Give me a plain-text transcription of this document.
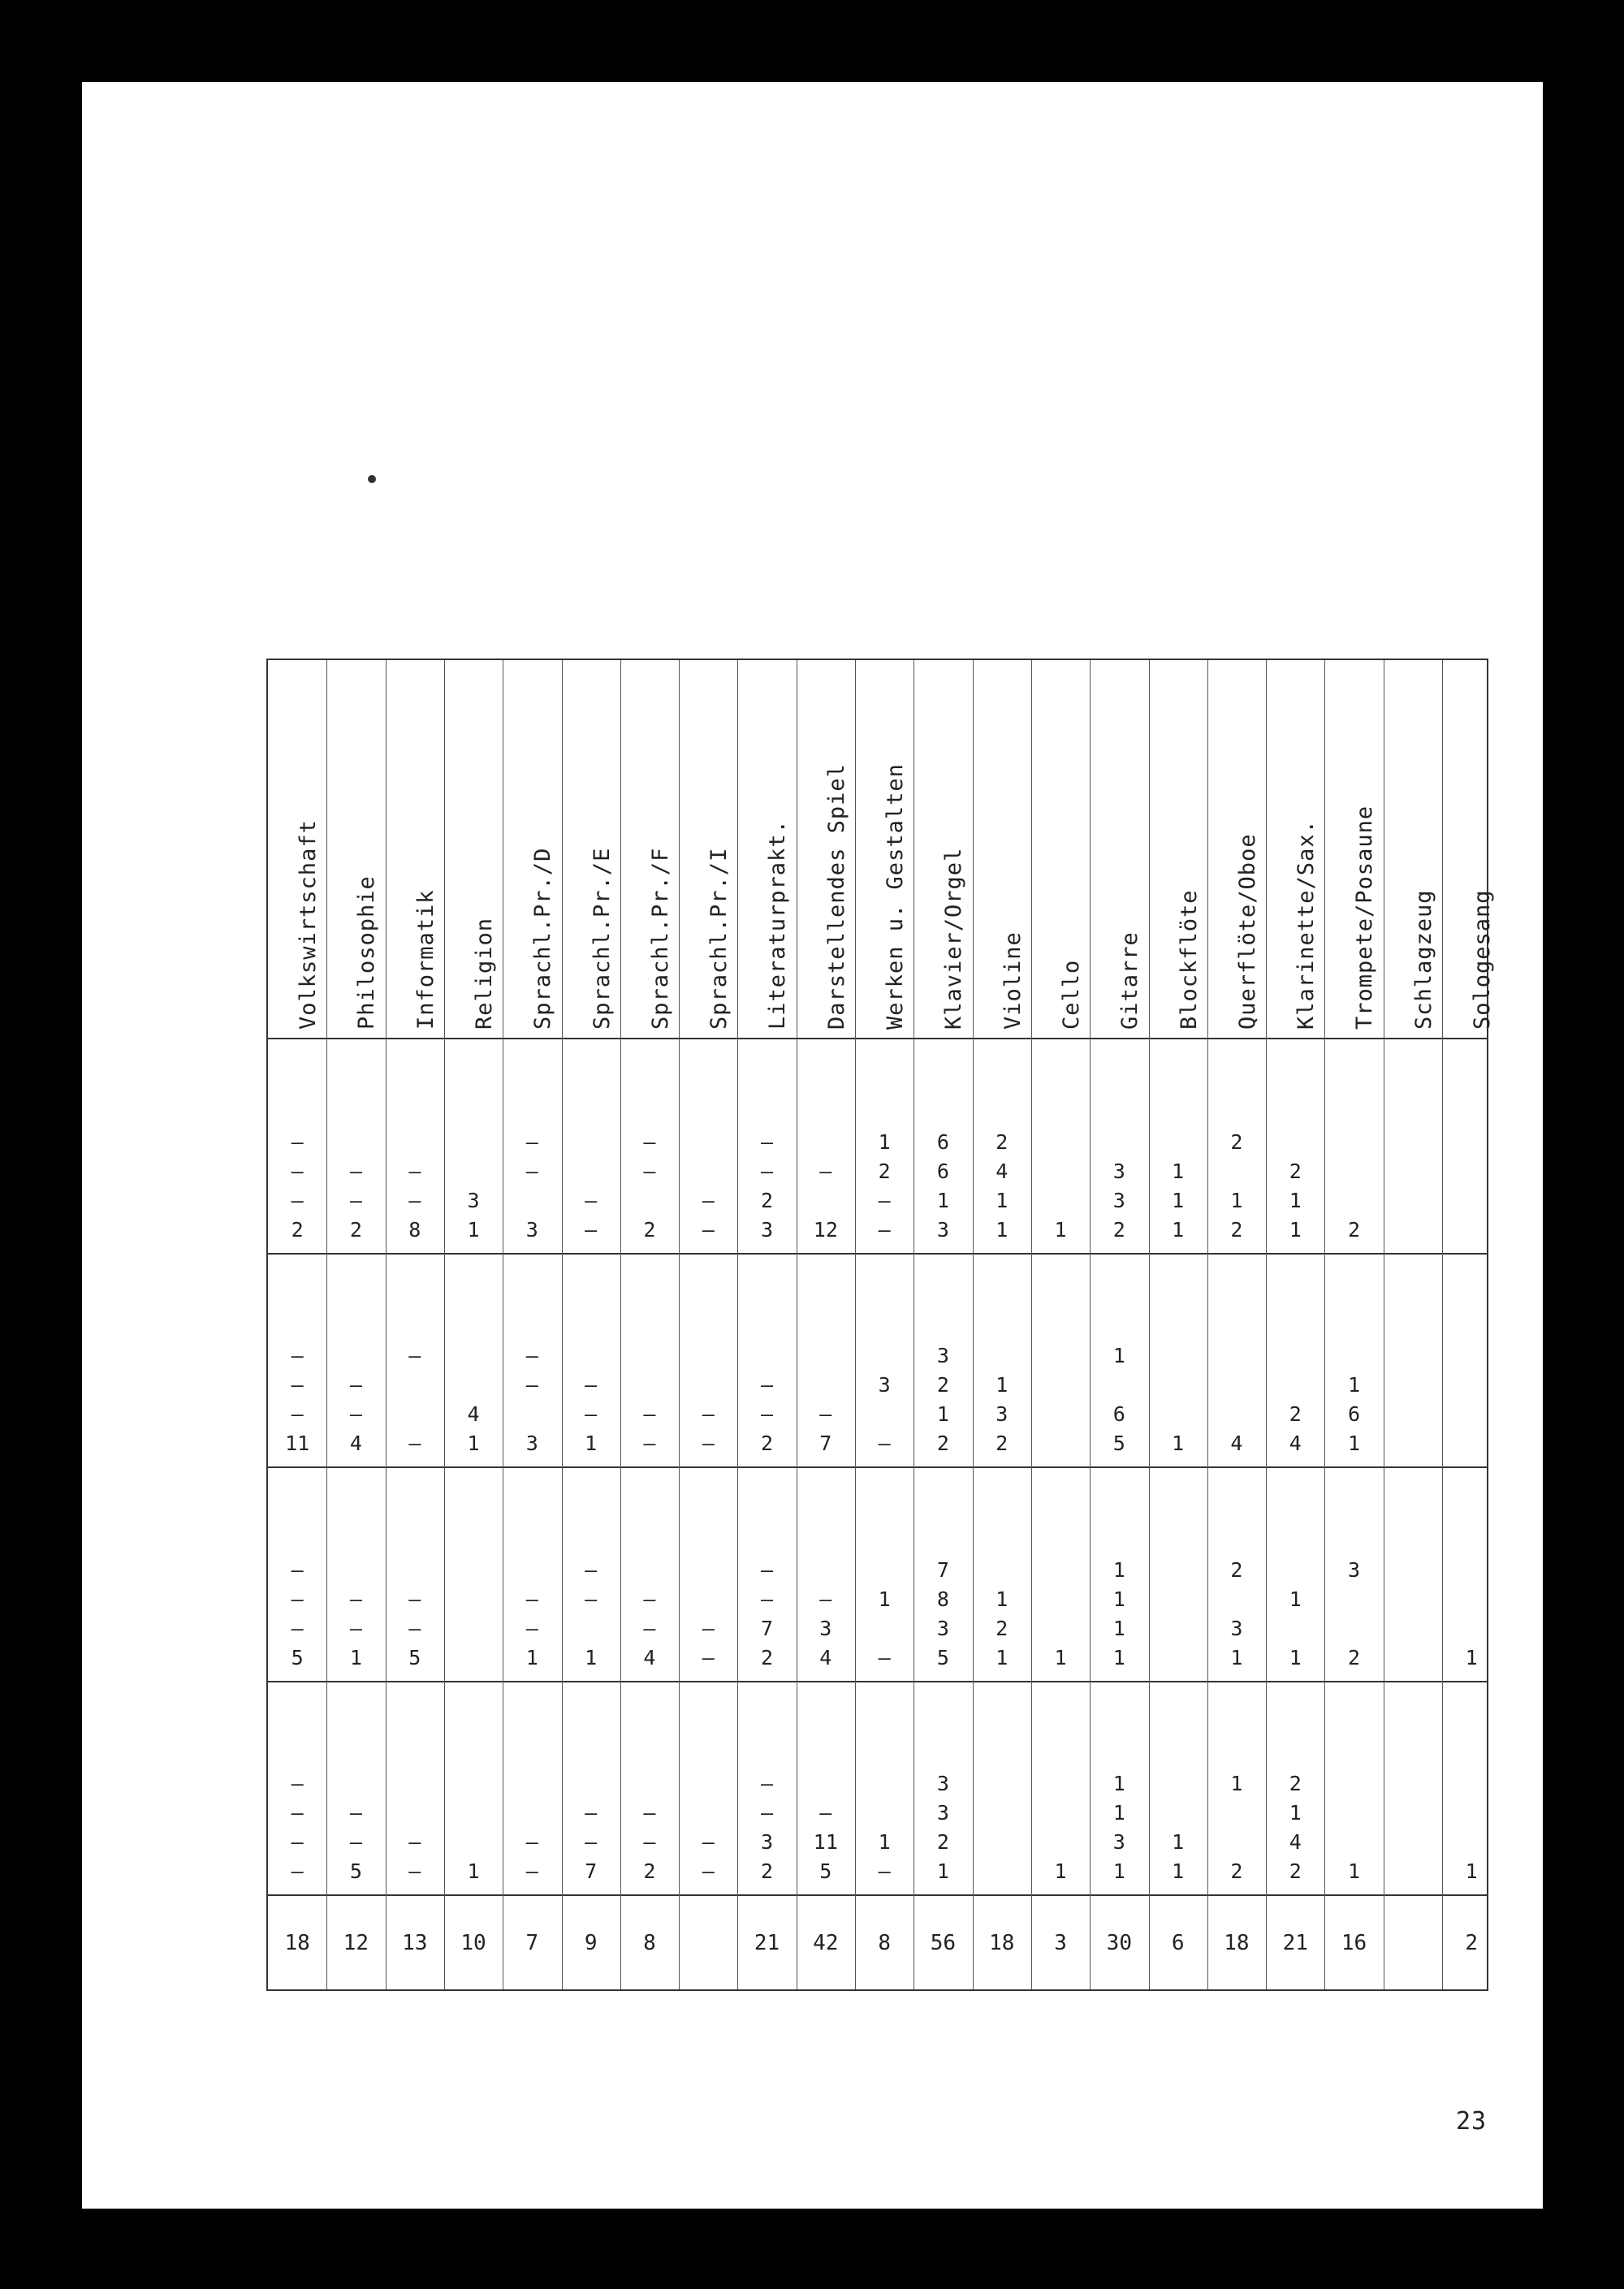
Volkswirtschaft
–
–
–
2
–
–
–
11
–
–
–
5
–
–
–
–
18
Philosophie
–
–
2
–
–
4
–
–
1
–
–
5
12
Informatik
–
–
8
–

–
–
–
5
–
–
13
Religion
3
1
4
1
1
10
Sprachl.Pr./D
–
–

3
–
–

3
–
–
1
–
–
7
Sprachl.Pr./E
–
–
–
–
1
–
–

1
–
–
7
9
Sprachl.Pr./F
–
–

2
–
–
–
–
4
–
–
2
8
Sprachl.Pr./I
–
–
–
–
–
–
–
–
Literaturprakt.
–
–
2
3
–
–
2
–
–
7
2
–
–
3
2
21
Darstellendes Spiel
–

12
–
7
–
3
4
–
11
5
42
Werken u. Gestalten
1
2
–
–
3

–
1

–
1
–
8
Klavier/Orgel
6
6
1
3
3
2
1
2
7
8
3
5
3
3
2
1
56
Violine
2
4
1
1
1
3
2
1
2
1
18
Cello
1
1
1
3
Gitarre
3
3
2
1

6
5
1
1
1
1
1
1
3
1
30
Blockflöte
1
1
1
1
1
1
6
Querflöte/Oboe
2

1
2
4
2

3
1
1

2
18
Klarinette/Sax.
2
1
1
2
4
1

1
2
1
4
2
21
Trompete/Posaune
2
1
6
1
3

2
1
16
Schlagzeug Sologesang
1
1
2
23
